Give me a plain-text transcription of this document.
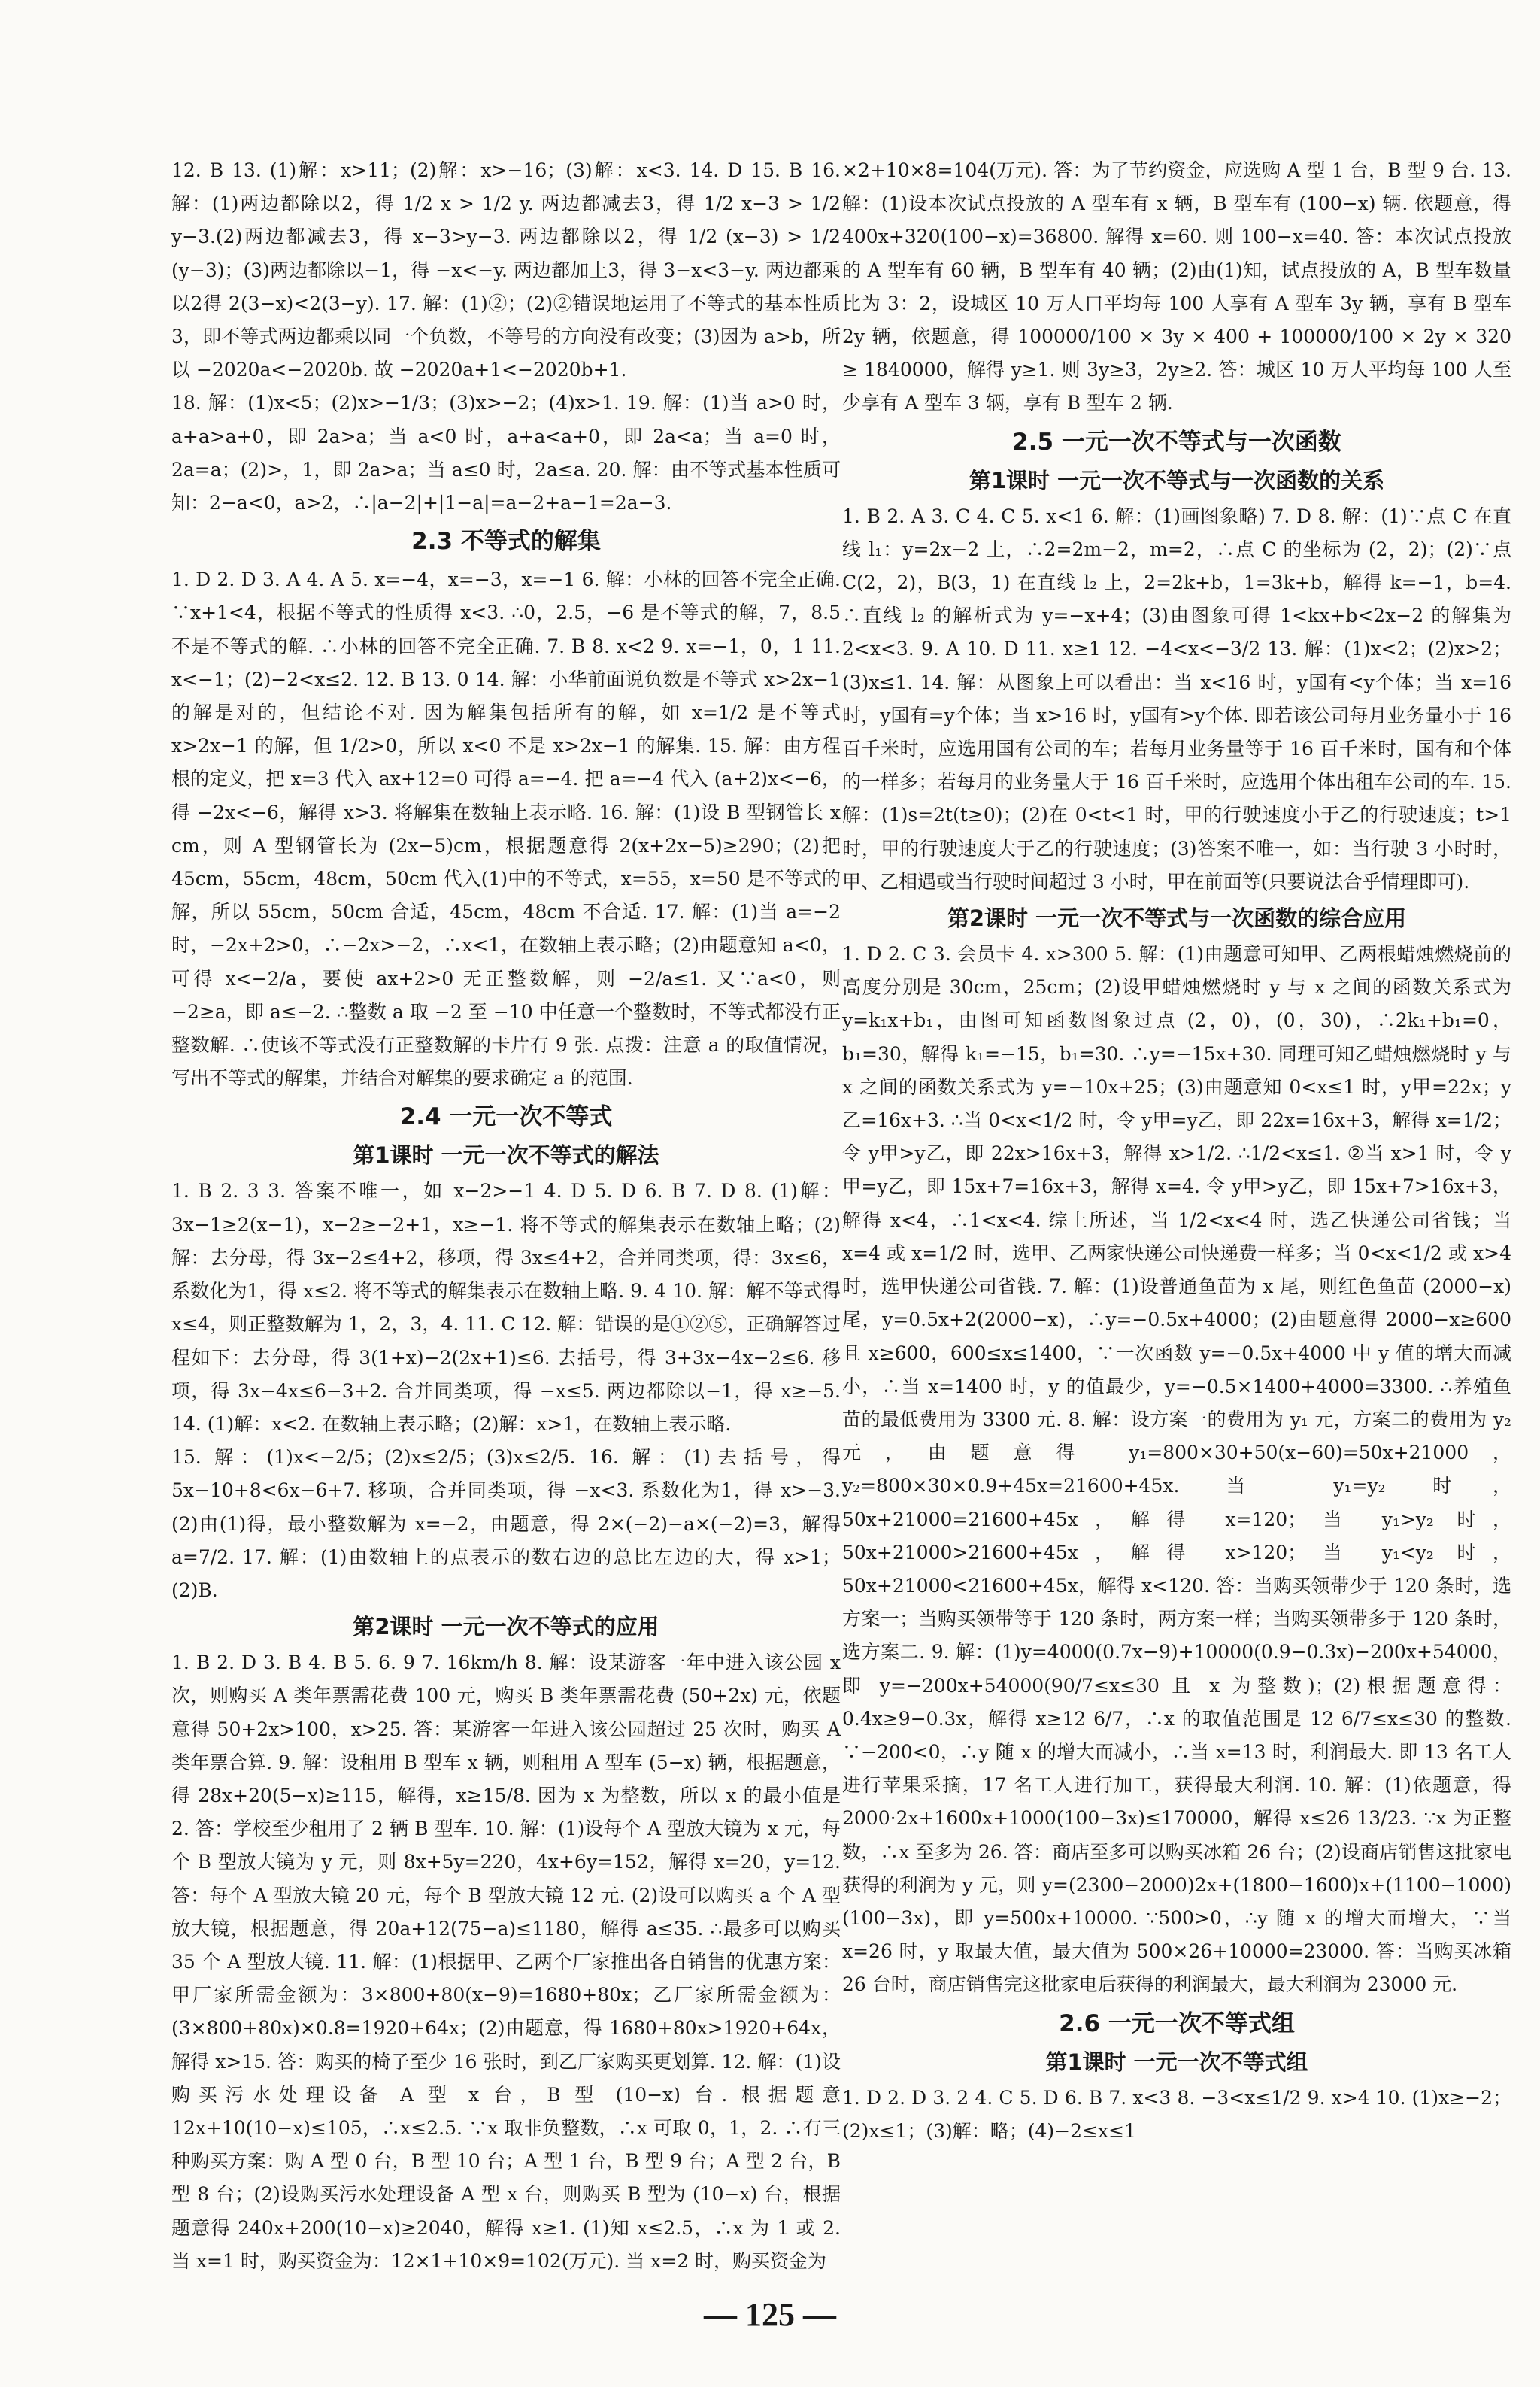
12. B 13. (1)解：x>11；(2)解：x>−16；(3)解：x<3. 14. D 15. B 16. 解：(1)两边都除以2，得 1/2 x > 1/2 y. 两边都减去3，得 1/2 x−3 > 1/2 y−3.(2)两边都减去3，得 x−3>y−3. 两边都除以2，得 1/2 (x−3) > 1/2 (y−3)；(3)两边都除以−1，得 −x<−y. 两边都加上3，得 3−x<3−y. 两边都乘以2得 2(3−x)<2(3−y). 17. 解：(1)②；(2)②错误地运用了不等式的基本性质3，即不等式两边都乘以同一个负数，不等号的方向没有改变；(3)因为 a>b，所以 −2020a<−2020b. 故 −2020a+1<−2020b+1.

18. 解：(1)x<5；(2)x>−1/3；(3)x>−2；(4)x>1. 19. 解：(1)当 a>0 时，a+a>a+0，即 2a>a；当 a<0 时，a+a<a+0，即 2a<a；当 a=0 时，2a=a；(2)>，1，即 2a>a；当 a≤0 时，2a≤a. 20. 解：由不等式基本性质可知：2−a<0，a>2，∴|a−2|+|1−a|=a−2+a−1=2a−3.

2.3 不等式的解集

1. D 2. D 3. A 4. A 5. x=−4，x=−3，x=−1 6. 解：小林的回答不完全正确. ∵x+1<4，根据不等式的性质得 x<3. ∴0，2.5，−6 是不等式的解，7，8.5 不是不等式的解. ∴小林的回答不完全正确. 7. B 8. x<2 9. x=−1，0，1 11. x<−1；(2)−2<x≤2. 12. B 13. 0 14. 解：小华前面说负数是不等式 x>2x−1 的解是对的，但结论不对. 因为解集包括所有的解，如 x=1/2 是不等式 x>2x−1 的解，但 1/2>0，所以 x<0 不是 x>2x−1 的解集. 15. 解：由方程根的定义，把 x=3 代入 ax+12=0 可得 a=−4. 把 a=−4 代入 (a+2)x<−6，得 −2x<−6，解得 x>3. 将解集在数轴上表示略. 16. 解：(1)设 B 型钢管长 x cm，则 A 型钢管长为 (2x−5)cm，根据题意得 2(x+2x−5)≥290；(2)把 45cm，55cm，48cm，50cm 代入(1)中的不等式，x=55，x=50 是不等式的解，所以 55cm，50cm 合适，45cm，48cm 不合适. 17. 解：(1)当 a=−2 时，−2x+2>0，∴−2x>−2，∴x<1，在数轴上表示略；(2)由题意知 a<0，可得 x<−2/a，要使 ax+2>0 无正整数解，则 −2/a≤1. 又∵a<0，则 −2≥a，即 a≤−2. ∴整数 a 取 −2 至 −10 中任意一个整数时，不等式都没有正整数解. ∴使该不等式没有正整数解的卡片有 9 张. 点拨：注意 a 的取值情况，写出不等式的解集，并结合对解集的要求确定 a 的范围.

2.4 一元一次不等式
第1课时 一元一次不等式的解法

1. B 2. 3 3. 答案不唯一，如 x−2>−1 4. D 5. D 6. B 7. D 8. (1)解：3x−1≥2(x−1)，x−2≥−2+1，x≥−1. 将不等式的解集表示在数轴上略；(2)解：去分母，得 3x−2≤4+2，移项，得 3x≤4+2，合并同类项，得：3x≤6，系数化为1，得 x≤2. 将不等式的解集表示在数轴上略. 9. 4 10. 解：解不等式得 x≤4，则正整数解为 1，2，3，4. 11. C 12. 解：错误的是①②⑤，正确解答过程如下：去分母，得 3(1+x)−2(2x+1)≤6. 去括号，得 3+3x−4x−2≤6. 移项，得 3x−4x≤6−3+2. 合并同类项，得 −x≤5. 两边都除以−1，得 x≥−5. 14. (1)解：x<2. 在数轴上表示略；(2)解：x>1，在数轴上表示略.

15. 解：(1)x<−2/5；(2)x≤2/5；(3)x≤2/5. 16. 解：(1)去括号，得 5x−10+8<6x−6+7. 移项，合并同类项，得 −x<3. 系数化为1，得 x>−3. (2)由(1)得，最小整数解为 x=−2，由题意，得 2×(−2)−a×(−2)=3，解得 a=7/2. 17. 解：(1)由数轴上的点表示的数右边的总比左边的大，得 x>1；(2)B.

第2课时 一元一次不等式的应用

1. B 2. D 3. B 4. B 5. 6. 9 7. 16km/h 8. 解：设某游客一年中进入该公园 x 次，则购买 A 类年票需花费 100 元，购买 B 类年票需花费 (50+2x) 元，依题意得 50+2x>100，x>25. 答：某游客一年进入该公园超过 25 次时，购买 A 类年票合算. 9. 解：设租用 B 型车 x 辆，则租用 A 型车 (5−x) 辆，根据题意，得 28x+20(5−x)≥115，解得，x≥15/8. 因为 x 为整数，所以 x 的最小值是 2. 答：学校至少租用了 2 辆 B 型车. 10. 解：(1)设每个 A 型放大镜为 x 元，每个 B 型放大镜为 y 元，则 8x+5y=220，4x+6y=152，解得 x=20，y=12. 答：每个 A 型放大镜 20 元，每个 B 型放大镜 12 元. (2)设可以购买 a 个 A 型放大镜，根据题意，得 20a+12(75−a)≤1180，解得 a≤35. ∴最多可以购买 35 个 A 型放大镜. 11. 解：(1)根据甲、乙两个厂家推出各自销售的优惠方案：甲厂家所需金额为：3×800+80(x−9)=1680+80x；乙厂家所需金额为：(3×800+80x)×0.8=1920+64x；(2)由题意，得 1680+80x>1920+64x，解得 x>15. 答：购买的椅子至少 16 张时，到乙厂家购买更划算. 12. 解：(1)设购买污水处理设备 A 型 x 台，B 型 (10−x) 台. 根据题意 12x+10(10−x)≤105，∴x≤2.5. ∵x 取非负整数，∴x 可取 0，1，2. ∴有三种购买方案：购 A 型 0 台，B 型 10 台；A 型 1 台，B 型 9 台；A 型 2 台，B 型 8 台；(2)设购买污水处理设备 A 型 x 台，则购买 B 型为 (10−x) 台，根据题意得 240x+200(10−x)≥2040，解得 x≥1. (1)知 x≤2.5，∴x 为 1 或 2. 当 x=1 时，购买资金为：12×1+10×9=102(万元). 当 x=2 时，购买资金为

×2+10×8=104(万元). 答：为了节约资金，应选购 A 型 1 台，B 型 9 台. 13. 解：(1)设本次试点投放的 A 型车有 x 辆，B 型车有 (100−x) 辆. 依题意，得 400x+320(100−x)=36800. 解得 x=60. 则 100−x=40. 答：本次试点投放的 A 型车有 60 辆，B 型车有 40 辆；(2)由(1)知，试点投放的 A，B 型车数量比为 3：2，设城区 10 万人口平均每 100 人享有 A 型车 3y 辆，享有 B 型车 2y 辆，依题意，得 100000/100 × 3y × 400 + 100000/100 × 2y × 320 ≥ 1840000，解得 y≥1. 则 3y≥3，2y≥2. 答：城区 10 万人平均每 100 人至少享有 A 型车 3 辆，享有 B 型车 2 辆.

2.5 一元一次不等式与一次函数
第1课时 一元一次不等式与一次函数的关系

1. B 2. A 3. C 4. C 5. x<1 6. 解：(1)画图象略) 7. D 8. 解：(1)∵点 C 在直线 l₁：y=2x−2 上，∴2=2m−2，m=2，∴点 C 的坐标为 (2，2)；(2)∵点 C(2，2)，B(3，1) 在直线 l₂ 上，2=2k+b，1=3k+b，解得 k=−1，b=4. ∴直线 l₂ 的解析式为 y=−x+4；(3)由图象可得 1<kx+b<2x−2 的解集为 2<x<3. 9. A 10. D 11. x≥1 12. −4<x<−3/2 13. 解：(1)x<2；(2)x>2；(3)x≤1. 14. 解：从图象上可以看出：当 x<16 时，y国有<y个体；当 x=16 时，y国有=y个体；当 x>16 时，y国有>y个体. 即若该公司每月业务量小于 16 百千米时，应选用国有公司的车；若每月业务量等于 16 百千米时，国有和个体的一样多；若每月的业务量大于 16 百千米时，应选用个体出租车公司的车. 15. 解：(1)s=2t(t≥0)；(2)在 0<t<1 时，甲的行驶速度小于乙的行驶速度；t>1 时，甲的行驶速度大于乙的行驶速度；(3)答案不唯一，如：当行驶 3 小时时，甲、乙相遇或当行驶时间超过 3 小时，甲在前面等(只要说法合乎情理即可).

第2课时 一元一次不等式与一次函数的综合应用

1. D 2. C 3. 会员卡 4. x>300 5. 解：(1)由题意可知甲、乙两根蜡烛燃烧前的高度分别是 30cm，25cm；(2)设甲蜡烛燃烧时 y 与 x 之间的函数关系式为 y=k₁x+b₁，由图可知函数图象过点 (2，0)，(0，30)，∴2k₁+b₁=0，b₁=30，解得 k₁=−15，b₁=30. ∴y=−15x+30. 同理可知乙蜡烛燃烧时 y 与 x 之间的函数关系式为 y=−10x+25；(3)由题意知 0<x≤1 时，y甲=22x；y乙=16x+3. ∴当 0<x<1/2 时，令 y甲=y乙，即 22x=16x+3，解得 x=1/2；令 y甲>y乙，即 22x>16x+3，解得 x>1/2. ∴1/2<x≤1. ②当 x>1 时，令 y甲=y乙，即 15x+7=16x+3，解得 x=4. 令 y甲>y乙，即 15x+7>16x+3，解得 x<4，∴1<x<4. 综上所述，当 1/2<x<4 时，选乙快递公司省钱；当 x=4 或 x=1/2 时，选甲、乙两家快递公司快递费一样多；当 0<x<1/2 或 x>4 时，选甲快递公司省钱. 7. 解：(1)设普通鱼苗为 x 尾，则红色鱼苗 (2000−x) 尾，y=0.5x+2(2000−x)，∴y=−0.5x+4000；(2)由题意得 2000−x≥600 且 x≥600，600≤x≤1400，∵一次函数 y=−0.5x+4000 中 y 值的增大而减小，∴当 x=1400 时，y 的值最少，y=−0.5×1400+4000=3300. ∴养殖鱼苗的最低费用为 3300 元. 8. 解：设方案一的费用为 y₁ 元，方案二的费用为 y₂ 元，由题意得 y₁=800×30+50(x−60)=50x+21000，y₂=800×30×0.9+45x=21600+45x. 当 y₁=y₂ 时，50x+21000=21600+45x，解得 x=120；当 y₁>y₂ 时，50x+21000>21600+45x，解得 x>120；当 y₁<y₂ 时，50x+21000<21600+45x，解得 x<120. 答：当购买领带少于 120 条时，选方案一；当购买领带等于 120 条时，两方案一样；当购买领带多于 120 条时，选方案二. 9. 解：(1)y=4000(0.7x−9)+10000(0.9−0.3x)−200x+54000，即 y=−200x+54000(90/7≤x≤30 且 x 为整数)；(2)根据题意得：0.4x≥9−0.3x，解得 x≥12 6/7，∴x 的取值范围是 12 6/7≤x≤30 的整数. ∵−200<0，∴y 随 x 的增大而减小，∴当 x=13 时，利润最大. 即 13 名工人进行苹果采摘，17 名工人进行加工，获得最大利润. 10. 解：(1)依题意，得 2000·2x+1600x+1000(100−3x)≤170000，解得 x≤26 13/23. ∵x 为正整数，∴x 至多为 26. 答：商店至多可以购买冰箱 26 台；(2)设商店销售这批家电获得的利润为 y 元，则 y=(2300−2000)2x+(1800−1600)x+(1100−1000)(100−3x)，即 y=500x+10000. ∵500>0，∴y 随 x 的增大而增大，∵当 x=26 时，y 取最大值，最大值为 500×26+10000=23000. 答：当购买冰箱 26 台时，商店销售完这批家电后获得的利润最大，最大利润为 23000 元.

2.6 一元一次不等式组
第1课时 一元一次不等式组

1. D 2. D 3. 2 4. C 5. D 6. B 7. x<3 8. −3<x≤1/2 9. x>4 10. (1)x≥−2；(2)x≤1；(3)解：略；(4)−2≤x≤1

— 125 —
